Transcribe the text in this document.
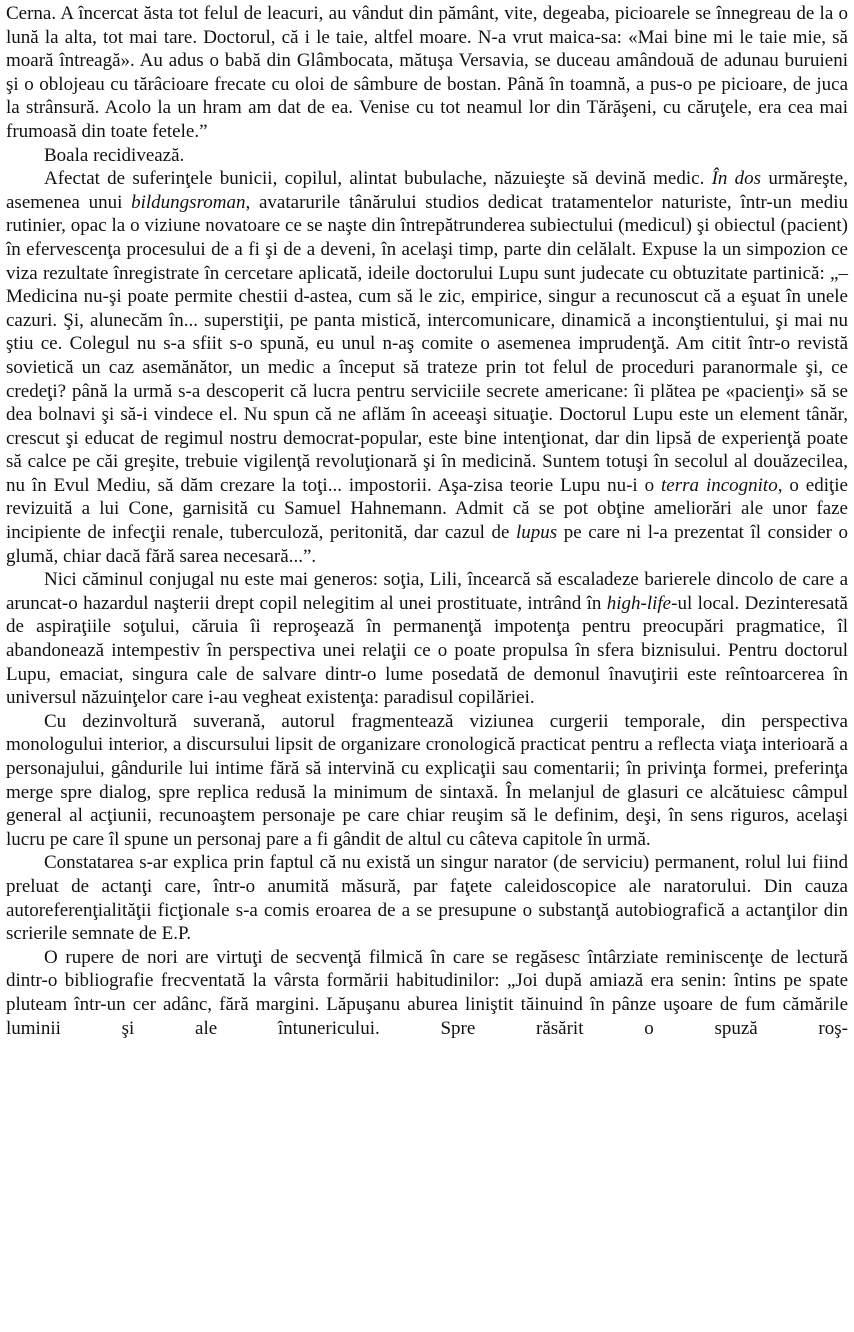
Cerna. A încercat ăsta tot felul de leacuri, au vândut din pământ, vite, degeaba, picioarele se înnegreau de la o lună la alta, tot mai tare. Doctorul, că i le taie, altfel moare. N-a vrut maica-sa: «Mai bine mi le taie mie, să moară întreagă». Au adus o babă din Glâmbocata, mătuşa Versavia, se duceau amândouă de adunau buruieni şi o oblojeau cu tărâcioare frecate cu oloi de sâmbure de bostan. Până în toamnă, a pus-o pe picioare, de juca la strânsură. Acolo la un hram am dat de ea. Venise cu tot neamul lor din Tărăşeni, cu căruţele, era cea mai frumoasă din toate fetele.”

Boala recidivează.

Afectat de suferinţele bunicii, copilul, alintat bubulache, năzuieşte să devină medic. În dos urmăreşte, asemenea unui bildungsroman, avatarurile tânărului studios dedicat tratamentelor naturiste, într-un mediu rutinier, opac la o viziune novatoare ce se naşte din întrepătrunderea subiectului (medicul) şi obiectul (pacient) în efervescenţa procesului de a fi şi de a deveni, în acelaşi timp, parte din celălalt. Expuse la un simpozion ce viza rezultate înregistrate în cercetare aplicată, ideile doctorului Lupu sunt judecate cu obtuzitate partinică: „– Medicina nu-şi poate permite chestii d-astea, cum să le zic, empirice, singur a recunoscut că a eşuat în unele cazuri. Şi, alunecăm în... superstiţii, pe panta mistică, intercomunicare, dinamică a inconştientului, şi mai nu ştiu ce. Colegul nu s-a sfiit s-o spună, eu unul n-aş comite o asemenea imprudenţă. Am citit într-o revistă sovietică un caz asemănător, un medic a început să trateze prin tot felul de proceduri paranormale şi, ce credeţi? până la urmă s-a descoperit că lucra pentru serviciile secrete americane: îi plătea pe «pacienţi» să se dea bolnavi şi să-i vindece el. Nu spun că ne aflăm în aceeaşi situaţie. Doctorul Lupu este un element tânăr, crescut şi educat de regimul nostru democrat-popular, este bine intenţionat, dar din lipsă de experienţă poate să calce pe căi greşite, trebuie vigilenţă revoluţionară şi în medicină. Suntem totuşi în secolul al douăzecilea, nu în Evul Mediu, să dăm crezare la toţi... impostorii. Aşa-zisa teorie Lupu nu-i o terra incognito, o ediţie revizuită a lui Cone, garnisită cu Samuel Hahnemann. Admit că se pot obţine ameliorări ale unor faze incipiente de infecţii renale, tuberculoză, peritonită, dar cazul de lupus pe care ni l-a prezentat îl consider o glumă, chiar dacă fără sarea necesară...”.

Nici căminul conjugal nu este mai generos: soţia, Lili, încearcă să escaladeze barierele dincolo de care a aruncat-o hazardul naşterii drept copil nelegitim al unei prostituate, intrând în high-life-ul local. Dezinteresată de aspiraţiile soţului, căruia îi reproşează în permanenţă impotenţa pentru preocupări pragmatice, îl abandonează intempestiv în perspectiva unei relaţii ce o poate propulsa în sfera biznisului. Pentru doctorul Lupu, emaciat, singura cale de salvare dintr-o lume posedată de demonul înavuţirii este reîntoarcerea în universul năzuinţelor care i-au vegheat existenţa: paradisul copilăriei.

Cu dezinvoltură suverană, autorul fragmentează viziunea curgerii temporale, din perspectiva monologului interior, a discursului lipsit de organizare cronologică practicat pentru a reflecta viaţa interioară a personajului, gândurile lui intime fără să intervină cu explicaţii sau comentarii; în privinţa formei, preferinţa merge spre dialog, spre replica redusă la minimum de sintaxă. În melanjul de glasuri ce alcătuiesc câmpul general al acţiunii, recunoaştem personaje pe care chiar reuşim să le definim, deşi, în sens riguros, acelaşi lucru pe care îl spune un personaj pare a fi gândit de altul cu câteva capitole în urmă.

Constatarea s-ar explica prin faptul că nu există un singur narator (de serviciu) permanent, rolul lui fiind preluat de actanţi care, într-o anumită măsură, par faţete caleidoscopice ale naratorului. Din cauza autoreferenţialităţii ficţionale s-a comis eroarea de a se presupune o substanţă autobiografică a actanţilor din scrierile semnate de E.P.

O rupere de nori are virtuţi de secvenţă filmică în care se regăsesc întârziate reminiscenţe de lectură dintr-o bibliografie frecventată la vârsta formării habitudinilor: „Joi după amiază era senin: întins pe spate pluteam într-un cer adânc, fără margini. Lăpuşanu aburea liniştit tăinuind în pânze uşoare de fum cămările luminii şi ale întunericului. Spre răsărit o spuză roş-
